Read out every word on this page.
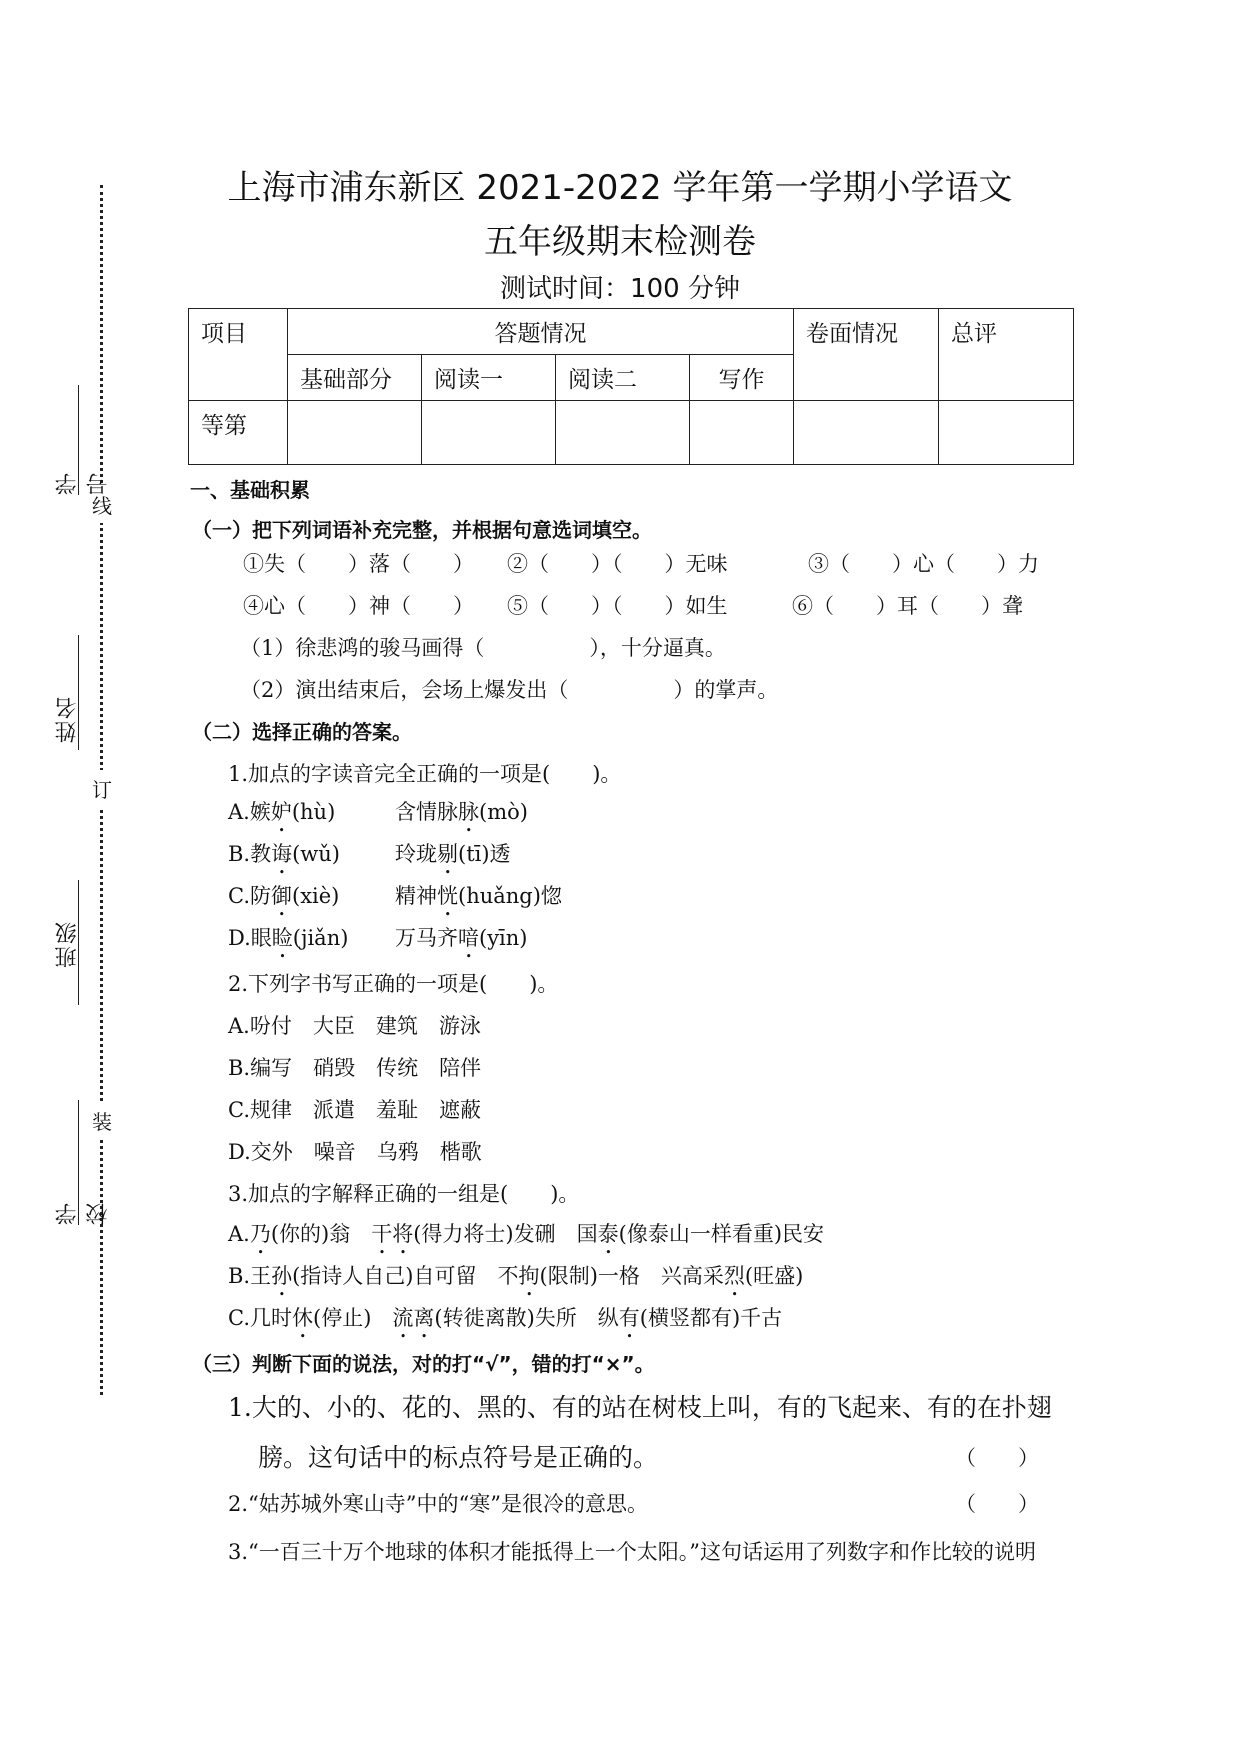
线
订
装
学号
姓名
班级
学校
上海市浦东新区 2021-2022 学年第一学期小学语文
五年级期末检测卷
测试时间：100 分钟
项目	答题情况				卷面情况	总评
	基础部分	阅读一	阅读二	写作		
等第						
一、基础积累
（一）把下列词语补充完整，并根据句意选词填空。
①失（　　）落（　　） ②（　　）（　　）无味	③（　　）心（　　）力
④心（　　）神（　　） ⑤（　　）（　　）如生	⑥（　　）耳（　　）聋
（1）徐悲鸿的骏马画得（　　　　　），十分逼真。
（2）演出结束后，会场上爆发出（　　　　　）的掌声。
（二）选择正确的答案。
1.加点的字读音完全正确的一项是(　　)。
A.嫉妒(hù)	含情脉脉(mò)
B.教诲(wǔ)	玲珑剔(tī)透
C.防御(xiè)	精神恍(huǎng)惚
D.眼睑(jiǎn) 万马齐喑(yīn)
2.下列字书写正确的一项是(　　)。
A.吩付　大臣　建筑　游泳
B.编写　硝毁　传统　陪伴
C.规律　派遣　羞耻　遮蔽
D.交外　噪音　乌鸦　楷歌
3.加点的字解释正确的一组是(　　)。
A.乃(你的)翁　干将(得力将士)发硎　国泰(像泰山一样看重)民安
B.王孙(指诗人自己)自可留　不拘(限制)一格　兴高采烈(旺盛)
C.几时休(停止)　流离(转徙离散)失所　纵有(横竖都有)千古
（三）判断下面的说法，对的打“√”，错的打“×”。
1.大的、小的、花的、黑的、有的站在树枝上叫，有的飞起来、有的在扑翅
膀。这句话中的标点符号是正确的。	（　　）
2.“姑苏城外寒山寺”中的“寒”是很冷的意思。	（　　）
3.“一百三十万个地球的体积才能抵得上一个太阳。”这句话运用了列数字和作比较的说明
